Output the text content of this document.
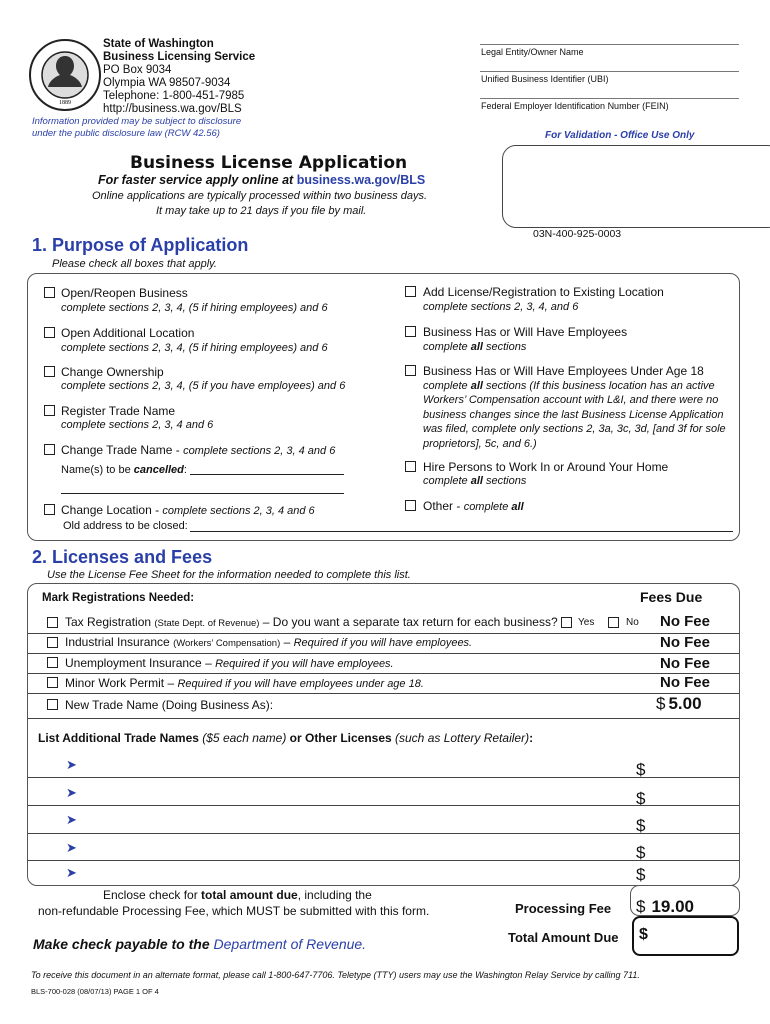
1889
State of Washington
Business Licensing Service
PO Box 9034
Olympia WA 98507-9034
Telephone: 1-800-451-7985
http://business.wa.gov/BLS
Information provided may be subject to disclosure
under the public disclosure law (RCW 42.56)
Legal Entity/Owner Name
Unified Business Identifier (UBI)
Federal Employer Identification Number (FEIN)
For Validation - Office Use Only
03N-400-925-0003
Business License Application
For faster service apply online at business.wa.gov/BLS
Online applications are typically processed within two business days.
It may take up to 21 days if you file by mail.
1. Purpose of Application
Please check all boxes that apply.
Open/Reopen Business
complete sections 2, 3, 4, (5 if hiring employees) and 6
Open Additional Location
complete sections 2, 3, 4, (5 if hiring employees) and 6
Change Ownership
complete sections 2, 3, 4, (5 if you have employees) and 6
Register Trade Name
complete sections 2, 3, 4 and 6
Change Trade Name - complete sections 2, 3, 4 and 6
Name(s) to be cancelled:
Change Location - complete sections 2, 3, 4 and 6
Old address to be closed:
Add License/Registration to Existing Location
complete sections 2, 3, 4, and 6
Business Has or Will Have Employees
complete all sections
Business Has or Will Have Employees Under Age 18
complete all sections (If this business location has an active
Workers’ Compensation account with L&I, and there were no
business changes since the last Business License Application
was filed, complete only sections 2, 3a, 3c, 3d, [and 3f for sole
proprietors], 5c, and 6.)
Hire Persons to Work In or Around Your Home
complete all sections
Other - complete all
2. Licenses and Fees
Use the License Fee Sheet for the information needed to complete this list.
Mark Registrations Needed:	Fees Due
Tax Registration (State Dept. of Revenue) – Do you want a separate tax return for each business? Yes	No No Fee
Industrial Insurance (Workers’ Compensation) – Required if you will have employees.	No Fee
Unemployment Insurance – Required if you will have employees.	No Fee
Minor Work Permit – Required if you will have employees under age 18.	No Fee
New Trade Name (Doing Business As):	$ 5.00
List Additional Trade Names ($5 each name) or Other Licenses (such as Lottery Retailer):
➤	$
➤	$
➤	$
➤	$
➤	$
Enclose check for total amount due, including the
non-refundable Processing Fee, which MUST be submitted with this form.	Processing Fee $ 19.00
Total Amount Due $
Make check payable to the Department of Revenue.
To receive this document in an alternate format, please call 1-800-647-7706. Teletype (TTY) users may use the Washington Relay Service by calling 711.
BLS-700-028 (08/07/13) PAGE 1 OF 4
